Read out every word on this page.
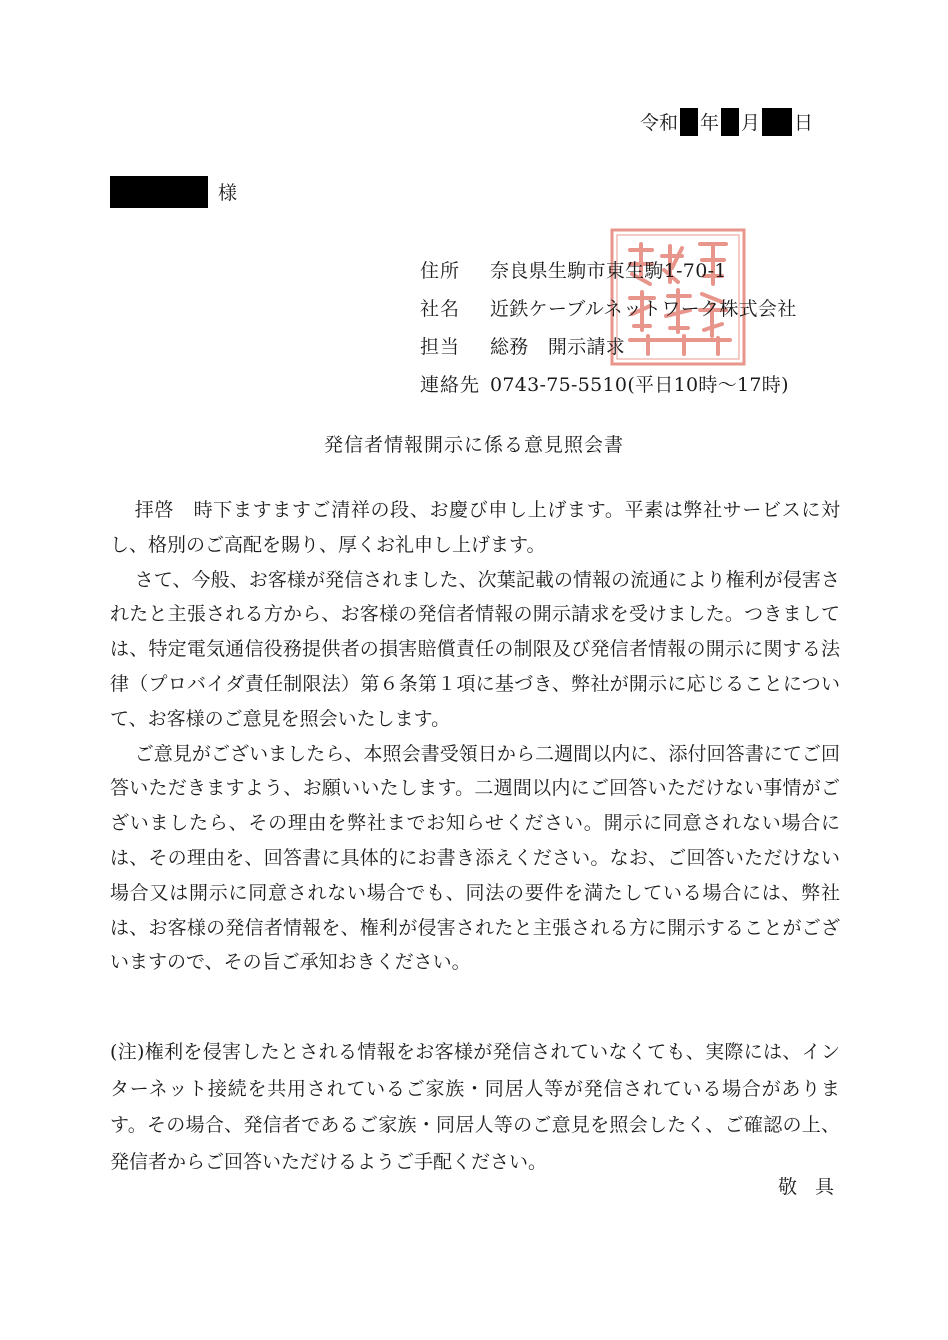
令和 年 月 日
様
住所	奈良県生駒市東生駒1-70-1
社名	近鉄ケーブルネットワーク株式会社
担当	総務　開示請求
連絡先 0743-75-5510(平日10時～17時)
発信者情報開示に係る意見照会書

拝啓　時下ますますご清祥の段、お慶び申し上げます。平素は弊社サービスに対し、格別のご高配を賜り、厚くお礼申し上げます。

さて、今般、お客様が発信されました、次葉記載の情報の流通により権利が侵害されたと主張される方から、お客様の発信者情報の開示請求を受けました。つきましては、特定電気通信役務提供者の損害賠償責任の制限及び発信者情報の開示に関する法律（プロバイダ責任制限法）第６条第１項に基づき、弊社が開示に応じることについて、お客様のご意見を照会いたします。

ご意見がございましたら、本照会書受領日から二週間以内に、添付回答書にてご回答いただきますよう、お願いいたします。二週間以内にご回答いただけない事情がございましたら、その理由を弊社までお知らせください。開示に同意されない場合には、その理由を、回答書に具体的にお書き添えください。なお、ご回答いただけない場合又は開示に同意されない場合でも、同法の要件を満たしている場合には、弊社は、お客様の発信者情報を、権利が侵害されたと主張される方に開示することがございますので、その旨ご承知おきください。

(注)権利を侵害したとされる情報をお客様が発信されていなくても、実際には、インターネット接続を共用されているご家族・同居人等が発信されている場合があります。その場合、発信者であるご家族・同居人等のご意見を照会したく、ご確認の上、発信者からご回答いただけるようご手配ください。

敬具
